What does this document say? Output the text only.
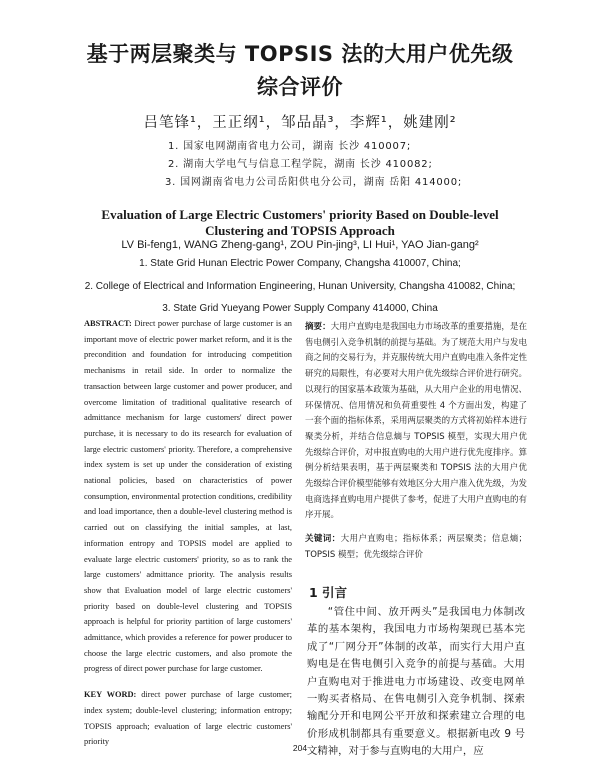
基于两层聚类与 TOPSIS 法的大用户优先级
综合评价
吕笔锋¹，王正纲¹，邹品晶³，李辉¹，姚建刚²
1. 国家电网湖南省电力公司，湖南 长沙 410007;
2. 湖南大学电气与信息工程学院，湖南 长沙 410082;
3. 国网湖南省电力公司岳阳供电分公司，湖南 岳阳 414000;
Evaluation of Large Electric Customers' priority Based on Double-level
Clustering and TOPSIS Approach
LV Bi-feng1, WANG Zheng-gang¹, ZOU Pin-jing³, LI Hui¹, YAO Jian-gang²
1. State Grid Hunan Electric Power Company, Changsha 410007, China;
2. College of Electrical and Information Engineering, Hunan University, Changsha 410082, China;
3. State Grid Yueyang Power Supply Company 414000, China

ABSTRACT: Direct power purchase of large customer is an important move of electric power market reform, and it is the precondition and foundation for introducing competition mechanisms in retail side. In order to normalize the transaction between large customer and power producer, and overcome limitation of traditional qualitative research of admittance mechanism for large customers' direct power purchase, it is necessary to do its research for evaluation of large electric customers' priority. Therefore, a comprehensive index system is set up under the consideration of existing national policies, based on characteristics of power consumption, environmental protection conditions, credibility and load importance, then a double-level clustering method is carried out on classifying the initial samples, at last, information entropy and TOPSIS model are applied to evaluate large electric customers' priority, so as to rank the large customers' admittance priority. The analysis results show that Evaluation model of large electric customers' priority based on double-level clustering and TOPSIS approach is helpful for priority partition of large customers' admittance, which provides a reference for power producer to choose the large electric customers, and also promote the progress of direct power purchase for large customer.

KEY WORD: direct power purchase of large customer; index system; double-level clustering; information entropy; TOPSIS approach; evaluation of large electric customers' priority

摘要：大用户直购电是我国电力市场改革的重要措施，是在售电侧引入竞争机制的前提与基础。为了规范大用户与发电商之间的交易行为，并克服传统大用户直购电准入条件定性研究的局限性，有必要对大用户优先级综合评价进行研究。以现行的国家基本政策为基础，从大用户企业的用电情况、环保情况、信用情况和负荷重要性 4 个方面出发，构建了一套个面的指标体系，采用两层聚类的方式将初始样本进行聚类分析，并结合信息熵与 TOPSIS 模型，实现大用户优先级综合评价，对申报直购电的大用户进行优先度排序。算例分析结果表明，基于两层聚类和 TOPSIS 法的大用户优先级综合评价模型能够有效地区分大用户准入优先级，为发电商选择直购电用户提供了参考，促进了大用户直购电的有序开展。

关键词：大用户直购电；指标体系；两层聚类；信息熵；TOPSIS 模型；优先级综合评价

1 引言

“管住中间、放开两头”是我国电力体制改革的基本架构，我国电力市场构架现已基本完成了“厂网分开”体制的改革，而实行大用户直购电是在售电侧引入竞争的前提与基础。大用户直购电对于推进电力市场建设、改变电网单一购买者格局、在售电侧引入竞争机制、探索输配分开和电网公平开放和探索建立合理的电价形成机制都具有重要意义。根据新电改 9 号文精神，对于参与直购电的大用户，应

204
